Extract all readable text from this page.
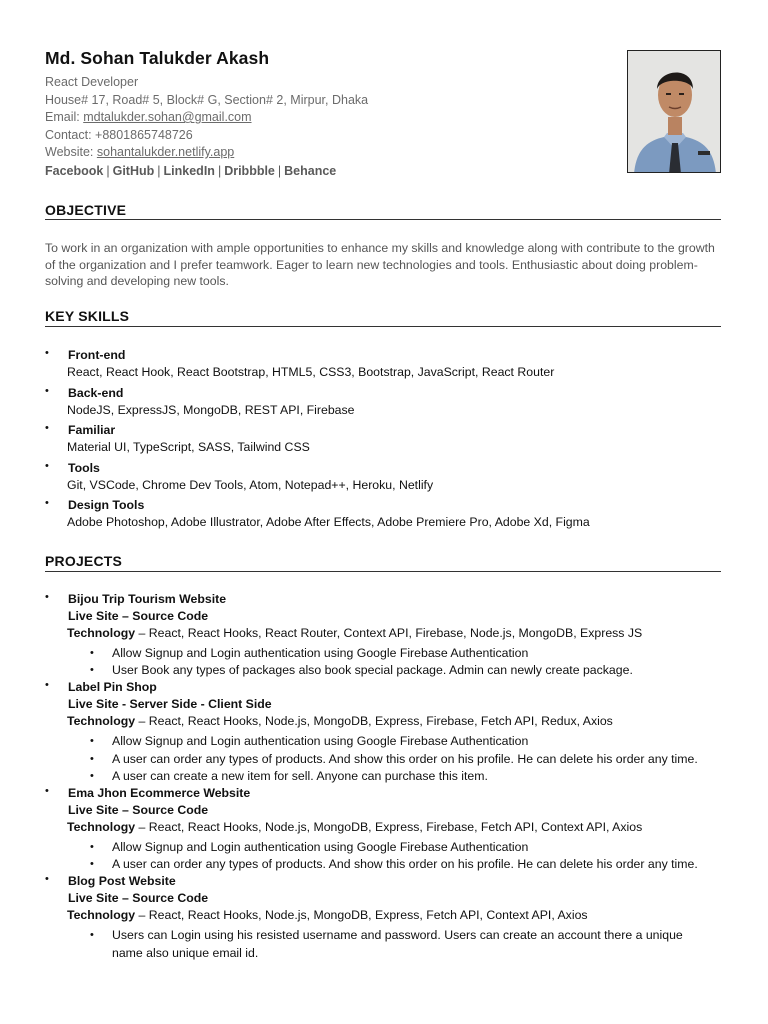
Md. Sohan Talukder Akash
React Developer
House# 17, Road# 5, Block# G, Section# 2, Mirpur, Dhaka
Email: mdtalukder.sohan@gmail.com
Contact: +8801865748726
Website: sohantalukder.netlify.app
Facebook | GitHub | LinkedIn | Dribbble | Behance
OBJECTIVE
To work in an organization with ample opportunities to enhance my skills and knowledge along with contribute to the growth of the organization and I prefer teamwork. Eager to learn new technologies and tools. Enthusiastic about doing problem-solving and developing new tools.
KEY SKILLS
• Front-end
React, React Hook, React Bootstrap, HTML5, CSS3, Bootstrap, JavaScript, React Router
• Back-end
NodeJS, ExpressJS, MongoDB, REST API, Firebase
• Familiar
Material UI, TypeScript, SASS, Tailwind CSS
• Tools
Git, VSCode, Chrome Dev Tools, Atom, Notepad++, Heroku, Netlify
• Design Tools
Adobe Photoshop, Adobe Illustrator, Adobe After Effects, Adobe Premiere Pro, Adobe Xd, Figma
PROJECTS
• Bijou Trip Tourism Website
Live Site – Source Code
Technology – React, React Hooks, React Router, Context API, Firebase, Node.js, MongoDB, Express JS
• Allow Signup and Login authentication using Google Firebase Authentication
• User Book any types of packages also book special package. Admin can newly create package.
• Label Pin Shop
Live Site - Server Side - Client Side
Technology – React, React Hooks, Node.js, MongoDB, Express, Firebase, Fetch API, Redux, Axios
• Allow Signup and Login authentication using Google Firebase Authentication
• A user can order any types of products. And show this order on his profile. He can delete his order any time.
• A user can create a new item for sell. Anyone can purchase this item.
• Ema Jhon Ecommerce Website
Live Site – Source Code
Technology – React, React Hooks, Node.js, MongoDB, Express, Firebase, Fetch API, Context API, Axios
• Allow Signup and Login authentication using Google Firebase Authentication
• A user can order any types of products. And show this order on his profile. He can delete his order any time.
• Blog Post Website
Live Site – Source Code
Technology – React, React Hooks, Node.js, MongoDB, Express, Fetch API, Context API, Axios
• Users can Login using his resisted username and password. Users can create an account there a unique name also unique email id.
